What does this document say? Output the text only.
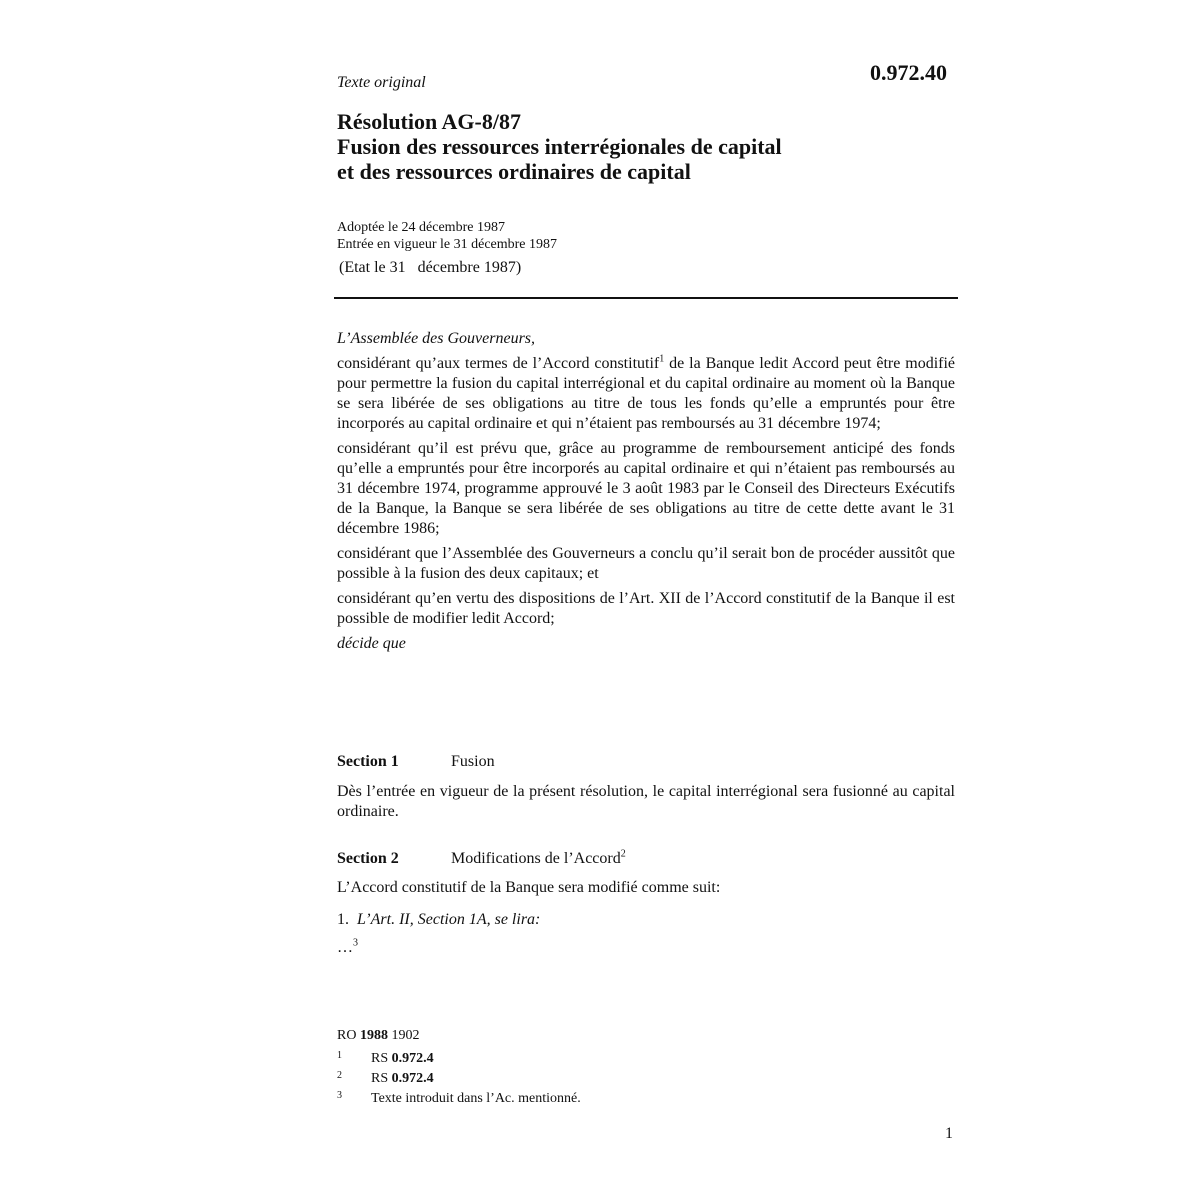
0.972.40
Texte original
Résolution AG-8/87
Fusion des ressources interrégionales de capital
et des ressources ordinaires de capital
Adoptée le 24 décembre 1987
Entrée en vigueur le 31 décembre 1987
(Etat le 31   décembre 1987)

L’Assemblée des Gouverneurs,

considérant qu’aux termes de l’Accord constitutif$^1$ de la Banque ledit Accord peut être modifié pour permettre la fusion du capital interrégional et du capital ordinaire au moment où la Banque se sera libérée de ses obligations au titre de tous les fonds qu’elle a empruntés pour être incorporés au capital ordinaire et qui n’étaient pas remboursés au 31 décembre 1974;

considérant qu’il est prévu que, grâce au programme de remboursement anticipé des fonds qu’elle a empruntés pour être incorporés au capital ordinaire et qui n’étaient pas remboursés au 31 décembre 1974, programme approuvé le 3 août 1983 par le Conseil des Directeurs Exécutifs de la Banque, la Banque se sera libérée de ses obligations au titre de cette dette avant le 31 décembre 1986;

considérant que l’Assemblée des Gouverneurs a conclu qu’il serait bon de procéder aussitôt que possible à la fusion des deux capitaux; et

considérant qu’en vertu des dispositions de l’Art. XII de l’Accord constitutif de la Banque il est possible de modifier ledit Accord;

décide que

Section 1	Fusion
Dès l’entrée en vigueur de la présent résolution, le capital interrégional sera fusionné au capital ordinaire.
Section 2	Modifications de l’Accord$^2$
L’Accord constitutif de la Banque sera modifié comme suit:
1. L’Art. II, Section 1A, se lira:
…$^3$
RO 1988 1902
1 RS 0.972.4
2 RS 0.972.4
3 Texte introduit dans l’Ac. mentionné.
1
